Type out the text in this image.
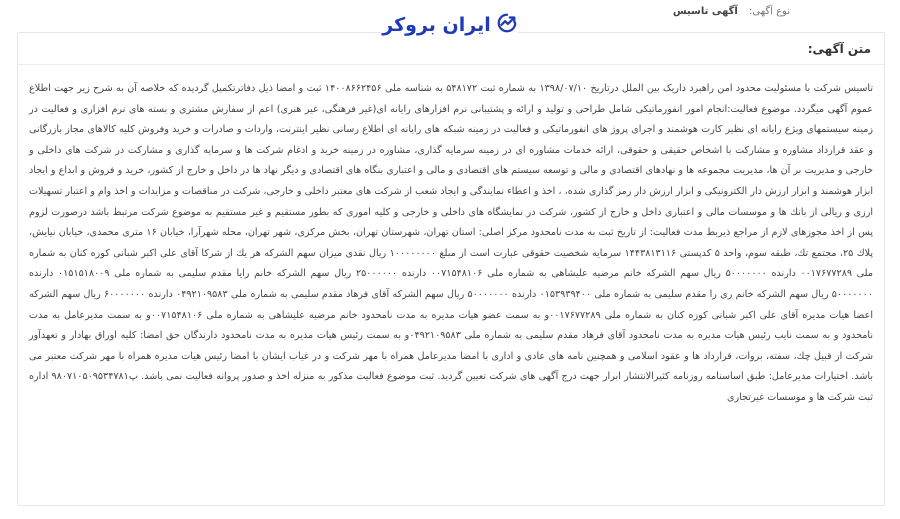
نوع آگهی: آگهی تاسیس
ایران بروکر
متن آگهی:

تاسیس شرکت با مسئولیت محدود امن راهبرد داریک بین الملل درتاریخ ۱۳۹۸/۰۷/۱۰ به شماره ثبت ۵۴۸۱۷۲ به شناسه ملی ۱۴۰۰۸۶۶۲۴۵۶ ثبت و امضا ذیل دفاترتکمیل گردیده که خلاصه آن به شرح زیر جهت اطلاع عموم آگهی میگردد. موضوع فعالیت:انجام امور انفورماتیکی شامل طراحی و تولید و ارائه و پشتیبانی نرم افزارهای رایانه ای(غیر فرهنگی، غیر هنری) اعم از سفارش مشتری و بسته های نرم افزاری و فعالیت در زمینه سیستمهای ویژع رایانه ای نظیر کارت هوشمند و اجرای پروژ های انفورماتیکی و فعالیت در زمینه شبکه های رایانه ای اطلاع رسانی نظیر اینترنت، واردات و صادرات و خرید وفروش کلیه کالاهای مجاز بازرگانی و عقد قرارداد مشاوره و مشارکت با اشخاص حقیقی و حقوقی، ارائه خدمات مشاوره ای در زمینه سرمایه گذاری، مشاوره در زمینه خرید و ادغام شرکت ها و سرمایه گذاری و مشارکت در شرکت های داخلی و خارجی و مدیریت بر آن ها، مدیریت مجموعه ها و نهادهای اقتصادی و مالی و توسعه سیستم های اقتصادی و مالی و اعتباری بنگاه های اقتصادی و دیگر نهاد ها در داخل و خارج از کشور، خرید و فروش و ابداع و ایجاد ابزار هوشمند و ابزار ارزش دار الکترونیکی و ابزار ارزش دار رمز گذاری شده، ، اخذ و اعطاء نمایندگی و ایجاد شعب از شرکت های معتبر داخلی و خارجی، شرکت در مناقصات و مزایدات و اخذ وام و اعتبار تسهیلات ارزی و ریالی از بانك ها و موسسات مالی و اعتباری داخل و خارج از کشور، شرکت در نمایشگاه های داخلی و خارجی و کلیه اموری که بطور مستقیم و غیر مستقیم به موضوع شرکت مرتبط باشد درصورت لزوم پس از اخذ مجوزهای لازم از مراجع ذیربط مدت فعالیت: از تاریخ ثبت به مدت نامحدود مرکز اصلی: استان تهران، شهرستان تهران، بخش مرکزی، شهر تهران، محله شهرآرا، خیابان ۱۶ متری محمدی، خیابان نیایش، پلاك ۲۵، مجتمع تك، طبقه سوم، واحد ۵ کدپستی ۱۴۴۳۸۱۳۱۱۶ سرمایه شخصیت حقوقی عبارت است از مبلغ ۱۰۰۰۰۰۰۰۰ ریال نقدی میزان سهم الشرکه هر یك از شرکا آقای علی اکبر شبانی کوزه کنان به شماره ملی ۰۰۱۷۶۷۷۲۸۹ دارنده ۵۰۰۰۰۰۰۰ ریال سهم الشرکه خانم مرضیه علیشاهی به شماره ملی ۰۰۷۱۵۴۸۱۰۶ دارنده ۲۵۰۰۰۰۰۰ ریال سهم الشرکه خانم رایا مقدم سلیمی به شماره ملی ۰۱۵۱۵۱۸۰۰۹ دارنده ۵۰۰۰۰۰۰۰ ریال سهم الشرکه خانم ری را مقدم سلیمی به شماره ملی ۰۱۵۳۹۳۹۴۰۰ دارنده ۵۰۰۰۰۰۰۰ ریال سهم الشرکه آقای فرهاد مقدم سلیمی به شماره ملی ۰۴۹۲۱۰۹۵۸۳ دارنده ۶۰۰۰۰۰۰۰ ریال سهم الشرکه اعضا هیات مدیره آقای علی اکبر شبانی کوزه کنان به شماره ملی ۰۰۱۷۶۷۷۲۸۹و به سمت عضو هیات مدیره به مدت نامحدود خانم مرضیه علیشاهی به شماره ملی ۰۰۷۱۵۴۸۱۰۶و به سمت مدیرعامل به مدت نامحدود و به سمت نایب رئیس هیات مدیره به مدت نامحدود آقای فرهاد مقدم سلیمی به شماره ملی ۰۴۹۲۱۰۹۵۸۳و به سمت رئیس هیات مدیره به مدت نامحدود دارندگان حق امضا: کلیه اوراق بهادار و تعهدآور شرکت از قبیل چك، سفته، بروات، قرارداد ها و عقود اسلامی و همچنین نامه های عادی و اداری با امضا مدیرعامل همراه با مهر شرکت و در غیاب ایشان با امضا رئیس هیات مدیره همراه با مهر شرکت معتبر می باشد. اختیارات مدیرعامل: طبق اساسنامه روزنامه کثیرالانتشار ابرار جهت درج آگهی های شرکت تعیین گردید. ثبت موضوع فعالیت مذکور به منزله اخذ و صدور پروانه فعالیت نمی باشد. پ۹۸۰۷۱۰۵۰۹۵۳۴۷۸۱ اداره ثبت شرکت ها و موسسات غیرتجاری
